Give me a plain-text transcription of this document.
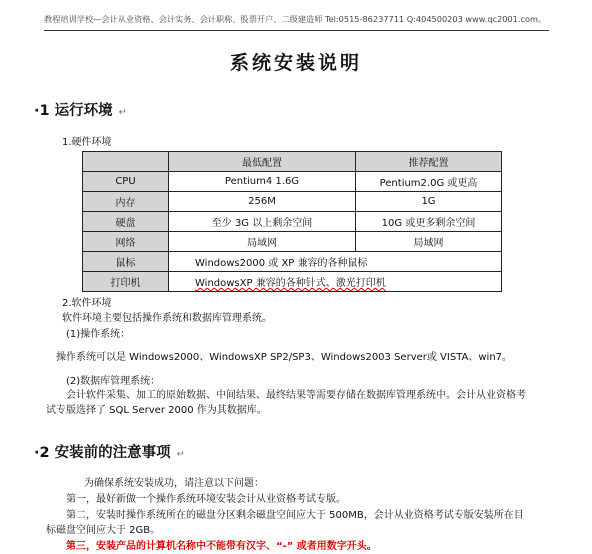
教程培训学校—会计从业资格、会计实务、会计职称、股票开户、二级建造师 Tel:0515-86237711 Q:404500203 www.qc2001.com。
系统安装说明
·1 运行环境 ↵
1.硬件环境
	最低配置	推荐配置
CPU	Pentium4 1.6G	Pentium2.0G 或更高
内存	256M	1G
硬盘	至少 3G 以上剩余空间	10G 或更多剩余空间
网络	局域网	局域网
鼠标	Windows2000 或 XP 兼容的各种鼠标	
打印机	WindowsXP 兼容的各种针式、激光打印机	
2.软件环境
软件环境主要包括操作系统和数据库管理系统。
(1)操作系统：
操作系统可以是 Windows2000、WindowsXP SP2/SP3、Windows2003 Server或 VISTA、win7。
(2)数据库管理系统：
会计软件采集、加工的原始数据、中间结果、最终结果等需要存储在数据库管理系统中。会计从业资格考
试专版选择了 SQL Server 2000 作为其数据库。
·2 安装前的注意事项 ↵
为确保系统安装成功，请注意以下问题：
第一，最好新做一个操作系统环境安装会计从业资格考试专版。
第二，安装时操作系统所在的磁盘分区剩余磁盘空间应大于 500MB，会计从业资格考试专版安装所在目
标磁盘空间应大于 2GB。
第三，安装产品的计算机名称中不能带有汉字、“-” 或者用数字开头。
